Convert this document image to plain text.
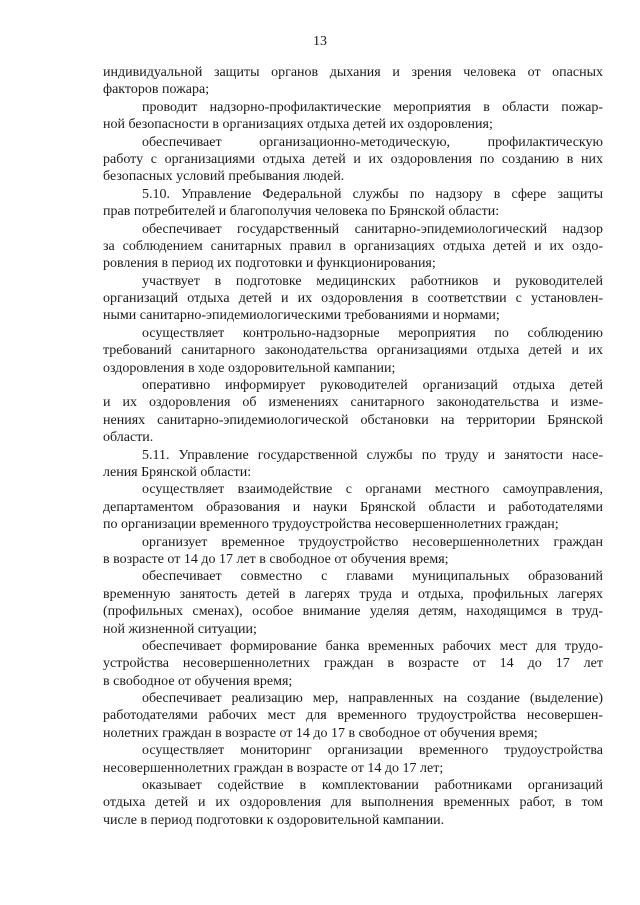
13
индивидуальной защиты органов дыхания и зрения человека от опасных
факторов пожара;
проводит надзорно-профилактические мероприятия в области пожар-
ной безопасности в организациях отдыха детей их оздоровления;
обеспечивает организационно-методическую, профилактическую
работу с организациями отдыха детей и их оздоровления по созданию в них
безопасных условий пребывания людей.
5.10. Управление Федеральной службы по надзору в сфере защиты
прав потребителей и благополучия человека по Брянской области:
обеспечивает государственный санитарно-эпидемиологический надзор
за соблюдением санитарных правил в организациях отдыха детей и их оздо-
ровления в период их подготовки и функционирования;
участвует в подготовке медицинских работников и руководителей
организаций отдыха детей и их оздоровления в соответствии с установлен-
ными санитарно-эпидемиологическими требованиями и нормами;
осуществляет контрольно-надзорные мероприятия по соблюдению
требований санитарного законодательства организациями отдыха детей и их
оздоровления в ходе оздоровительной кампании;
оперативно информирует руководителей организаций отдыха детей
и их оздоровления об изменениях санитарного законодательства и изме-
нениях санитарно-эпидемиологической обстановки на территории Брянской
области.
5.11. Управление государственной службы по труду и занятости насе-
ления Брянской области:
осуществляет взаимодействие с органами местного самоуправления,
департаментом образования и науки Брянской области и работодателями
по организации временного трудоустройства несовершеннолетних граждан;
организует временное трудоустройство несовершеннолетних граждан
в возрасте от 14 до 17 лет в свободное от обучения время;
обеспечивает совместно с главами муниципальных образований
временную занятость детей в лагерях труда и отдыха, профильных лагерях
(профильных сменах), особое внимание уделяя детям, находящимся в труд-
ной жизненной ситуации;
обеспечивает формирование банка временных рабочих мест для трудо-
устройства несовершеннолетних граждан в возрасте от 14 до 17 лет
в свободное от обучения время;
обеспечивает реализацию мер, направленных на создание (выделение)
работодателями рабочих мест для временного трудоустройства несовершен-
нолетних граждан в возрасте от 14 до 17 в свободное от обучения время;
осуществляет мониторинг организации временного трудоустройства
несовершеннолетних граждан в возрасте от 14 до 17 лет;
оказывает содействие в комплектовании работниками организаций
отдыха детей и их оздоровления для выполнения временных работ, в том
числе в период подготовки к оздоровительной кампании.
